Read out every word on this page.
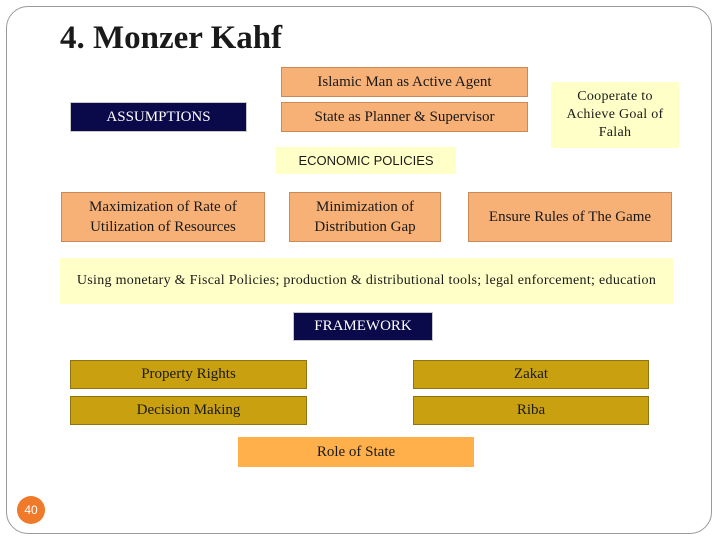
4. Monzer Kahf
Islamic Man as Active Agent
ASSUMPTIONS	State as Planner & Supervisor
Cooperate to Achieve Goal of Falah
ECONOMIC POLICIES
Maximization of Rate of Utilization of Resources
Minimization of Distribution Gap
Ensure Rules of The Game
Using monetary & Fiscal Policies; production & distributional tools; legal enforcement; education
FRAMEWORK
Property Rights	Zakat
Decision Making	Riba
Role of State
40
